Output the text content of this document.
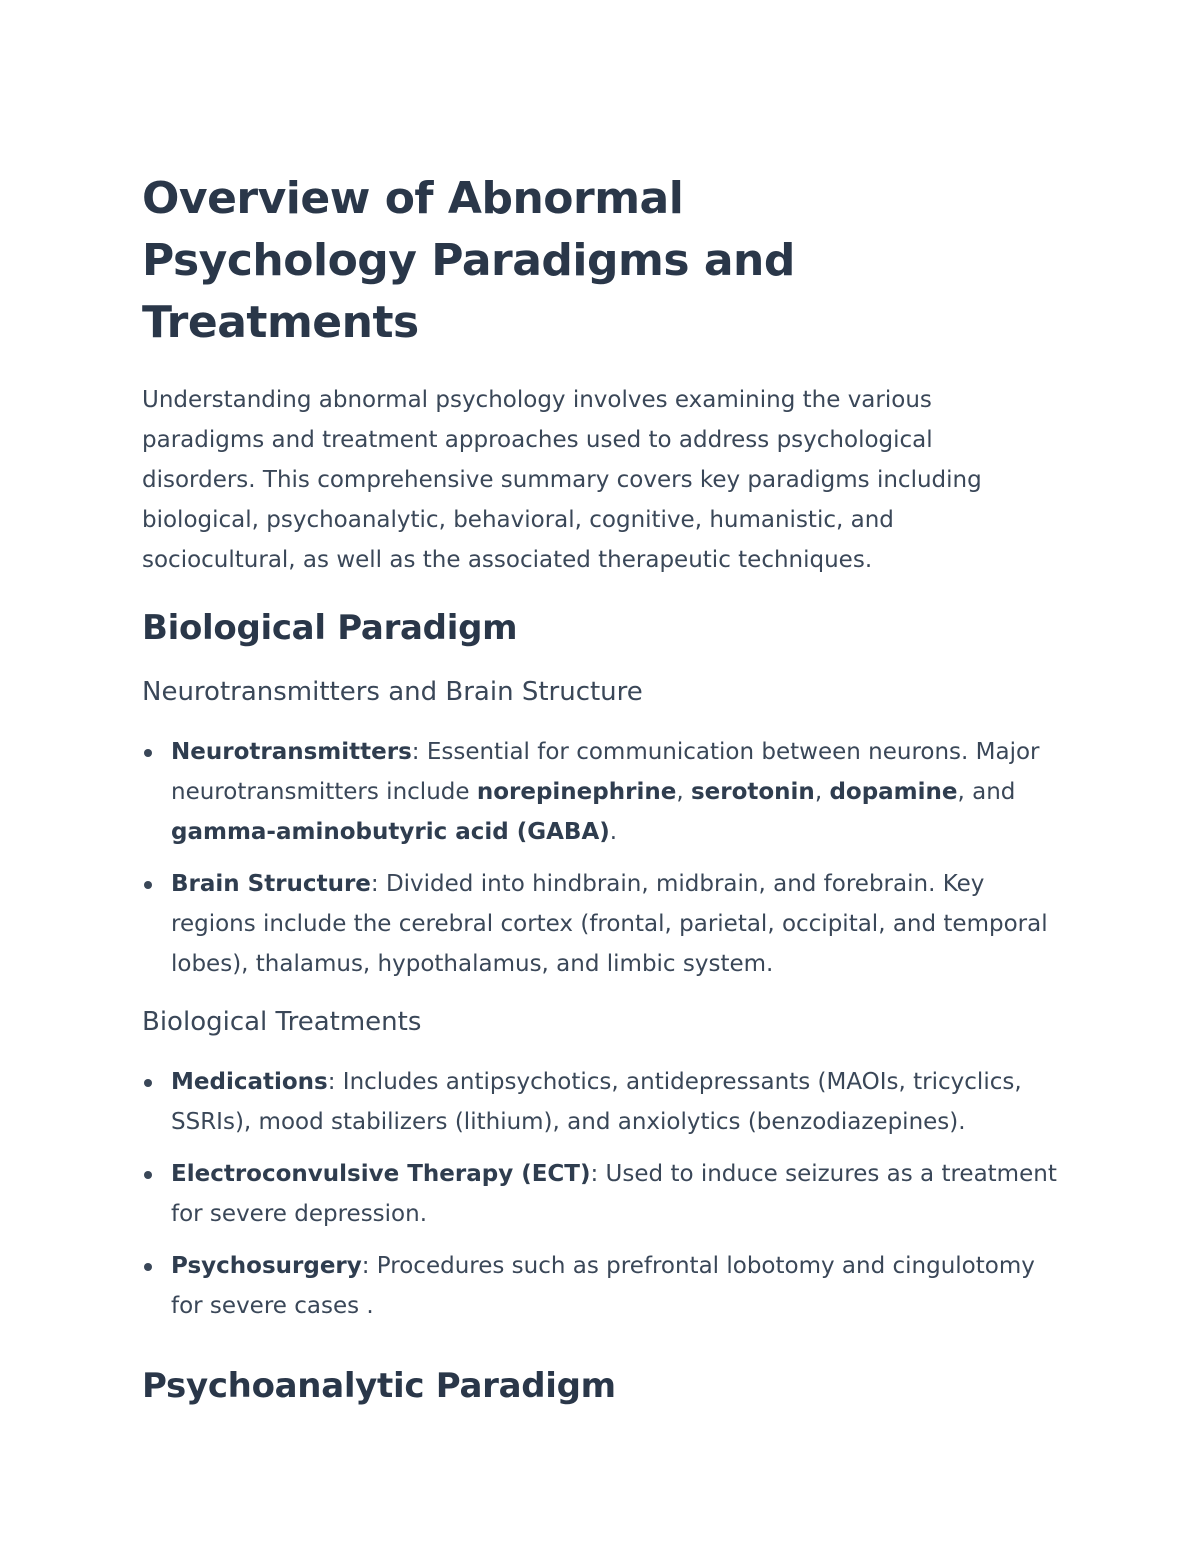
Overview of Abnormal Psychology Paradigms and Treatments

Understanding abnormal psychology involves examining the various paradigms and treatment approaches used to address psychological disorders. This comprehensive summary covers key paradigms including biological, psychoanalytic, behavioral, cognitive, humanistic, and sociocultural, as well as the associated therapeutic techniques.

Biological Paradigm
Neurotransmitters and Brain Structure
Neurotransmitters: Essential for communication between neurons. Major neurotransmitters include norepinephrine, serotonin, dopamine, and gamma-aminobutyric acid (GABA).
Brain Structure: Divided into hindbrain, midbrain, and forebrain. Key regions include the cerebral cortex (frontal, parietal, occipital, and temporal lobes), thalamus, hypothalamus, and limbic system.
Biological Treatments
Medications: Includes antipsychotics, antidepressants (MAOIs, tricyclics, SSRIs), mood stabilizers (lithium), and anxiolytics (benzodiazepines).
Electroconvulsive Therapy (ECT): Used to induce seizures as a treatment for severe depression.
Psychosurgery: Procedures such as prefrontal lobotomy and cingulotomy for severe cases .
Psychoanalytic Paradigm
